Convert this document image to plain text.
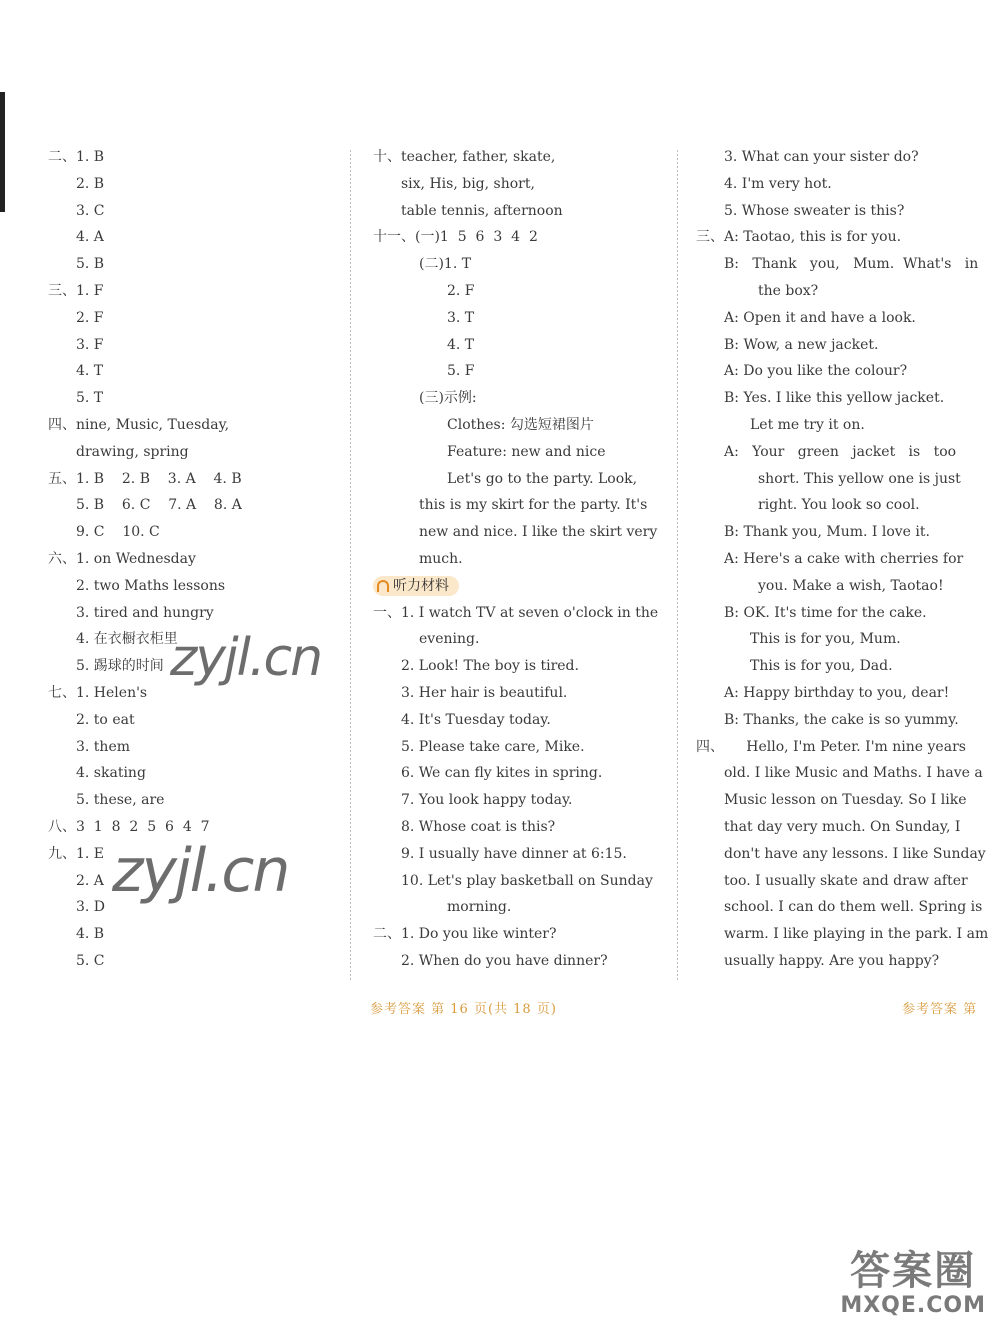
二、1. B
2. B
3. C
4. A
5. B
三、1. F
2. F
3. F
4. T
5. T
四、nine, Music, Tuesday,
drawing, spring
五、1. B    2. B    3. A    4. B
5. B    6. C    7. A    8. A
9. C    10. C
六、1. on Wednesday
2. two Maths lessons
3. tired and hungry
4. 在衣橱衣柜里
5. 踢球的时间
七、1. Helen's
2. to eat
3. them
4. skating
5. these, are
八、3  1  8  2  5  6  4  7
九、1. E
2. A
3. D
4. B
5. C
十、teacher, father, skate,
six, His, big, short,
table tennis, afternoon
十一、(一)1  5  6  3  4  2
(二)1. T
2. F
3. T
4. T
5. F
(三)示例:
Clothes: 勾选短裙图片
Feature: new and nice
Let's go to the party. Look,
this is my skirt for the party. It's
new and nice. I like the skirt very
much.
听力材料
一、1. I watch TV at seven o'clock in the
evening.
2. Look! The boy is tired.
3. Her hair is beautiful.
4. It's Tuesday today.
5. Please take care, Mike.
6. We can fly kites in spring.
7. You look happy today.
8. Whose coat is this?
9. I usually have dinner at 6:15.
10. Let's play basketball on Sunday
morning.
二、1. Do you like winter?
2. When do you have dinner?
3. What can your sister do?
4. I'm very hot.
5. Whose sweater is this?
三、A: Taotao, this is for you.
B:   Thank   you,   Mum.  What's   in
the box?
A: Open it and have a look.
B: Wow, a new jacket.
A: Do you like the colour?
B: Yes. I like this yellow jacket.
Let me try it on.
A:   Your   green   jacket   is   too
short. This yellow one is just
right. You look so cool.
B: Thank you, Mum. I love it.
A: Here's a cake with cherries for
you. Make a wish, Taotao!
B: OK. It's time for the cake.
This is for you, Mum.
This is for you, Dad.
A: Happy birthday to you, dear!
B: Thanks, the cake is so yummy.
四、     Hello, I'm Peter. I'm nine years
old. I like Music and Maths. I have a
Music lesson on Tuesday. So I like
that day very much. On Sunday, I
don't have any lessons. I like Sunday
too. I usually skate and draw after
school. I can do them well. Spring is
warm. I like playing in the park. I am
usually happy. Are you happy?
参考答案 第 16 页(共 18 页)	参考答案 第
zyjl.cn
zyjl.cn
答案圈
MXQE.COM
